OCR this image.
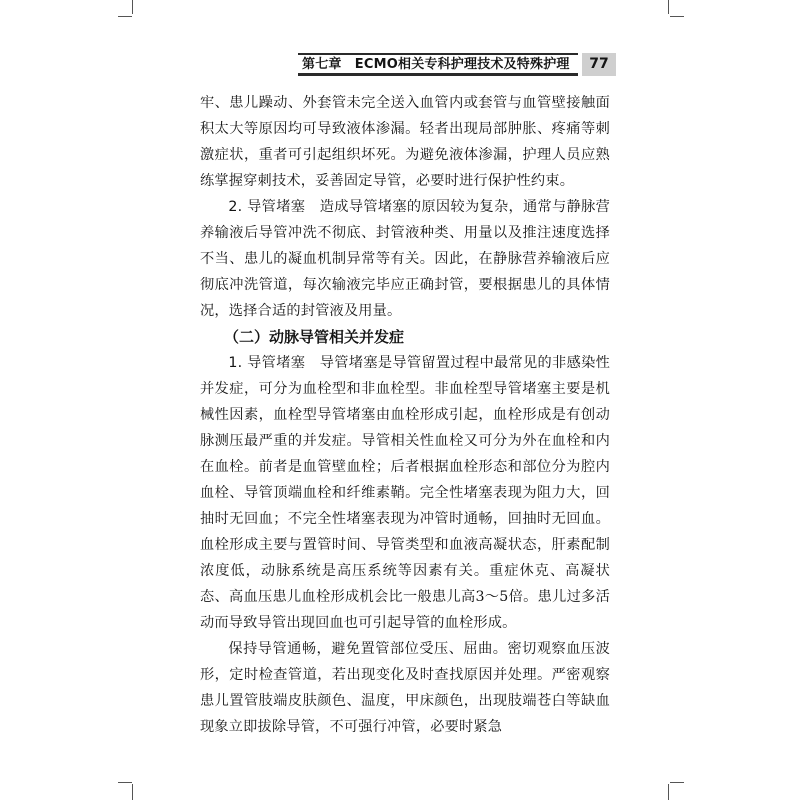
第七章　ECMO相关专科护理技术及特殊护理	77

牢、患儿躁动、外套管未完全送入血管内或套管与血管壁接触面积太大等原因均可导致液体渗漏。轻者出现局部肿胀、疼痛等刺激症状，重者可引起组织坏死。为避免液体渗漏，护理人员应熟练掌握穿刺技术，妥善固定导管，必要时进行保护性约束。

2. 导管堵塞　 造成导管堵塞的原因较为复杂，通常与静脉营养输液后导管冲洗不彻底、封管液种类、用量以及推注速度选择不当、患儿的凝血机制异常等有关。因此，在静脉营养输液后应彻底冲洗管道，每次输液完毕应正确封管，要根据患儿的具体情况，选择合适的封管液及用量。

（二）动脉导管相关并发症

1. 导管堵塞　 导管堵塞是导管留置过程中最常见的非感染性并发症，可分为血栓型和非血栓型。非血栓型导管堵塞主要是机械性因素，血栓型导管堵塞由血栓形成引起，血栓形成是有创动脉测压最严重的并发症。导管相关性血栓又可分为外在血栓和内在血栓。前者是血管壁血栓；后者根据血栓形态和部位分为腔内血栓、导管顶端血栓和纤维素鞘。完全性堵塞表现为阻力大，回抽时无回血；不完全性堵塞表现为冲管时通畅，回抽时无回血。血栓形成主要与置管时间、导管类型和血液高凝状态，肝素配制浓度低，动脉系统是高压系统等因素有关。重症休克、高凝状态、高血压患儿血栓形成机会比一般患儿高3～5倍。患儿过多活动而导致导管出现回血也可引起导管的血栓形成。

保持导管通畅，避免置管部位受压、屈曲。密切观察血压波形，定时检查管道，若出现变化及时查找原因并处理。严密观察患儿置管肢端皮肤颜色、温度，甲床颜色，出现肢端苍白等缺血现象立即拔除导管，不可强行冲管，必要时紧急
